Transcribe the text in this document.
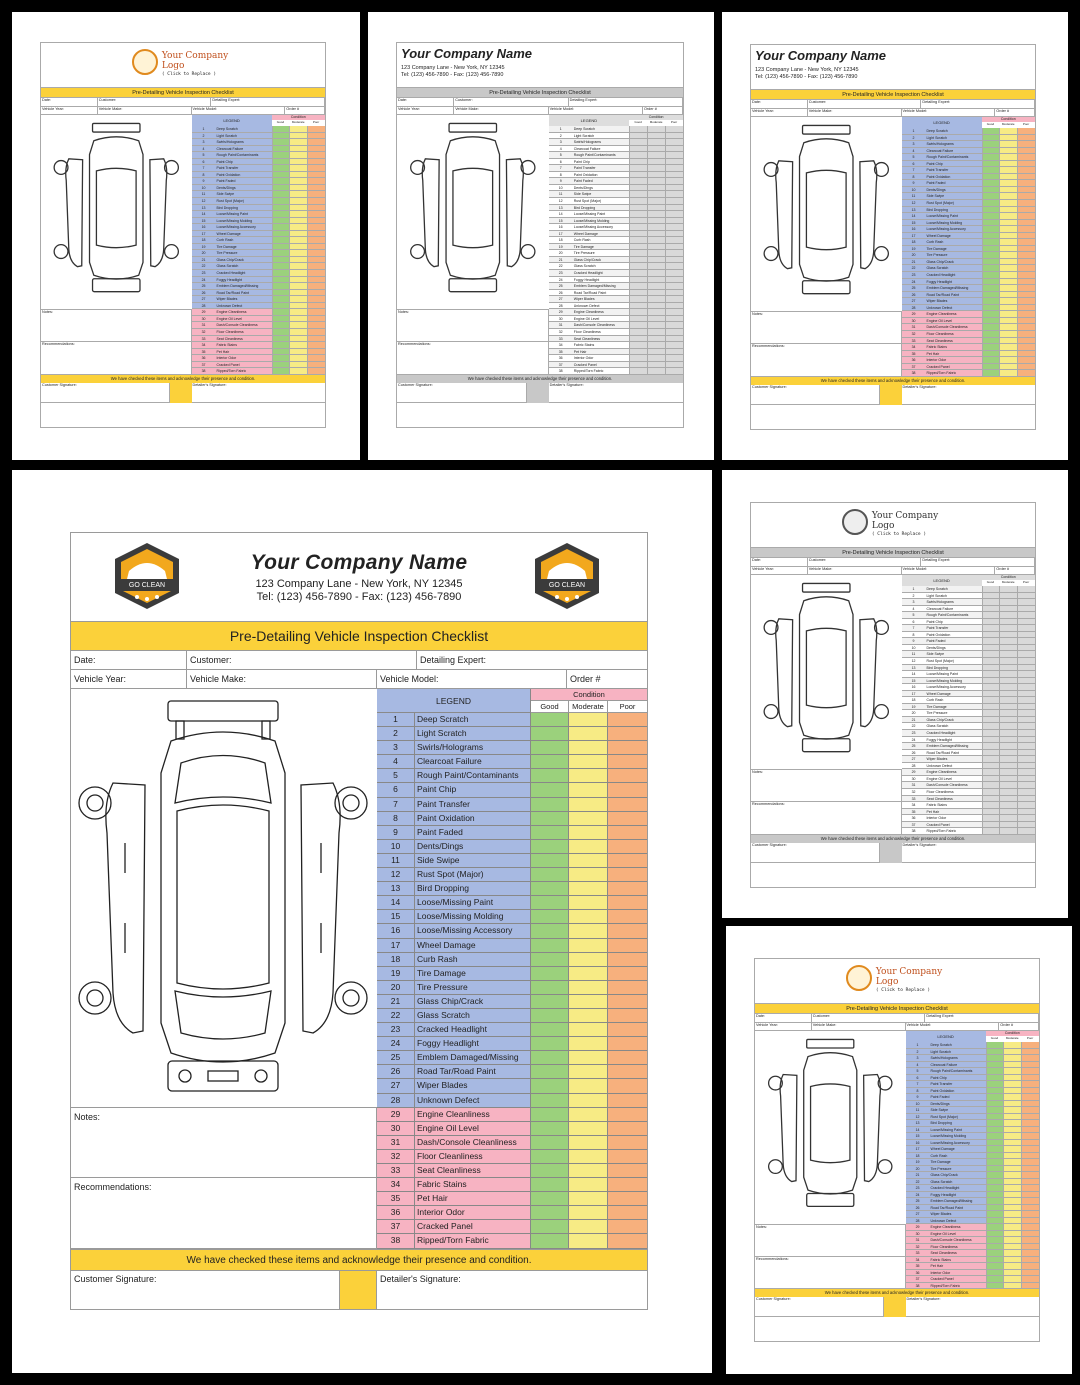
GO CLEAN	GO CLEAN
Your Company Name
123 Company Lane - New York, NY 12345
Tel: (123) 456-7890 - Fax: (123) 456-7890
Pre-Detailing Vehicle Inspection Checklist
Date:	Customer:	Detailing Expert:
Vehicle Year:	Vehicle Make:	Vehicle Model:	Order #
LEGEND
Condition
Good	Moderate	Poor
1	Deep Scratch
2	Light Scratch
3	Swirls/Holograms
4	Clearcoat Failure
5	Rough Paint/Contaminants
6	Paint Chip
7	Paint Transfer
8	Paint Oxidation
9	Paint Faded
10	Dents/Dings
11	Side Swipe
12	Rust Spot (Major)
13	Bird Dropping
14	Loose/Missing Paint
15	Loose/Missing Molding
16	Loose/Missing Accessory
17	Wheel Damage
18	Curb Rash
19	Tire Damage
20	Tire Pressure
21	Glass Chip/Crack
22	Glass Scratch
23	Cracked Headlight
24	Foggy Headlight
25	Emblem Damaged/Missing
26	Road Tar/Road Paint
27	Wiper Blades
28	Unknown Defect
29	Engine Cleanliness
30	Engine Oil Level
31	Dash/Console Cleanliness
32	Floor Cleanliness
33	Seat Cleanliness
34	Fabric Stains
35	Pet Hair
36	Interior Odor
37	Cracked Panel
38	Ripped/Torn Fabric
Notes:
Recommendations:
We have checked these items and acknowledge their presence and condition.
Customer Signature:	Detailer's Signature:
Your Company
Logo
( Click to Replace )
Pre-Detailing Vehicle Inspection Checklist
Date:	Customer:	Detailing Expert:
Vehicle Year:	Vehicle Make:	Vehicle Model:	Order #
LEGEND
Condition
Good	Moderate	Poor
1	Deep Scratch
2	Light Scratch
3	Swirls/Holograms
4	Clearcoat Failure
5	Rough Paint/Contaminants
6	Paint Chip
7	Paint Transfer
8	Paint Oxidation
9	Paint Faded
10	Dents/Dings
11	Side Swipe
12	Rust Spot (Major)
13	Bird Dropping
14	Loose/Missing Paint
15	Loose/Missing Molding
16	Loose/Missing Accessory
17	Wheel Damage
18	Curb Rash
19	Tire Damage
20	Tire Pressure
21	Glass Chip/Crack
22	Glass Scratch
23	Cracked Headlight
24	Foggy Headlight
25	Emblem Damaged/Missing
26	Road Tar/Road Paint
27	Wiper Blades
28	Unknown Defect
29	Engine Cleanliness
30	Engine Oil Level
31	Dash/Console Cleanliness
32	Floor Cleanliness
33	Seat Cleanliness
34	Fabric Stains
35	Pet Hair
36	Interior Odor
37	Cracked Panel
38	Ripped/Torn Fabric
Notes:
Recommendations:
We have checked these items and acknowledge their presence and condition.
Customer Signature:	Detailer's Signature:
Your Company Name
123 Company Lane - New York, NY 12345
Tel: (123) 456-7890 - Fax: (123) 456-7890
Pre-Detailing Vehicle Inspection Checklist
Date:	Customer:	Detailing Expert:
Vehicle Year:	Vehicle Make:	Vehicle Model:	Order #
LEGEND
Condition
Good	Moderate	Poor
1	Deep Scratch
2	Light Scratch
3	Swirls/Holograms
4	Clearcoat Failure
5	Rough Paint/Contaminants
6	Paint Chip
7	Paint Transfer
8	Paint Oxidation
9	Paint Faded
10	Dents/Dings
11	Side Swipe
12	Rust Spot (Major)
13	Bird Dropping
14	Loose/Missing Paint
15	Loose/Missing Molding
16	Loose/Missing Accessory
17	Wheel Damage
18	Curb Rash
19	Tire Damage
20	Tire Pressure
21	Glass Chip/Crack
22	Glass Scratch
23	Cracked Headlight
24	Foggy Headlight
25	Emblem Damaged/Missing
26	Road Tar/Road Paint
27	Wiper Blades
28	Unknown Defect
29	Engine Cleanliness
30	Engine Oil Level
31	Dash/Console Cleanliness
32	Floor Cleanliness
33	Seat Cleanliness
34	Fabric Stains
35	Pet Hair
36	Interior Odor
37	Cracked Panel
38	Ripped/Torn Fabric
Notes:
Recommendations:
We have checked these items and acknowledge their presence and condition.
Customer Signature:	Detailer's Signature:
Your Company Name
123 Company Lane - New York, NY 12345
Tel: (123) 456-7890 - Fax: (123) 456-7890
Pre-Detailing Vehicle Inspection Checklist
Date:	Customer:	Detailing Expert:
Vehicle Year:	Vehicle Make:	Vehicle Model:	Order #
LEGEND
Condition
Good	Moderate	Poor
1	Deep Scratch
2	Light Scratch
3	Swirls/Holograms
4	Clearcoat Failure
5	Rough Paint/Contaminants
6	Paint Chip
7	Paint Transfer
8	Paint Oxidation
9	Paint Faded
10	Dents/Dings
11	Side Swipe
12	Rust Spot (Major)
13	Bird Dropping
14	Loose/Missing Paint
15	Loose/Missing Molding
16	Loose/Missing Accessory
17	Wheel Damage
18	Curb Rash
19	Tire Damage
20	Tire Pressure
21	Glass Chip/Crack
22	Glass Scratch
23	Cracked Headlight
24	Foggy Headlight
25	Emblem Damaged/Missing
26	Road Tar/Road Paint
27	Wiper Blades
28	Unknown Defect
29	Engine Cleanliness
30	Engine Oil Level
31	Dash/Console Cleanliness
32	Floor Cleanliness
33	Seat Cleanliness
34	Fabric Stains
35	Pet Hair
36	Interior Odor
37	Cracked Panel
38	Ripped/Torn Fabric
Notes:
Recommendations:
We have checked these items and acknowledge their presence and condition.
Customer Signature:	Detailer's Signature:
Your Company
Logo
( Click to Replace )
Pre-Detailing Vehicle Inspection Checklist
Date:	Customer:	Detailing Expert:
Vehicle Year:	Vehicle Make:	Vehicle Model:	Order #
LEGEND
Condition
Good	Moderate	Poor
1	Deep Scratch
2	Light Scratch
3	Swirls/Holograms
4	Clearcoat Failure
5	Rough Paint/Contaminants
6	Paint Chip
7	Paint Transfer
8	Paint Oxidation
9	Paint Faded
10	Dents/Dings
11	Side Swipe
12	Rust Spot (Major)
13	Bird Dropping
14	Loose/Missing Paint
15	Loose/Missing Molding
16	Loose/Missing Accessory
17	Wheel Damage
18	Curb Rash
19	Tire Damage
20	Tire Pressure
21	Glass Chip/Crack
22	Glass Scratch
23	Cracked Headlight
24	Foggy Headlight
25	Emblem Damaged/Missing
26	Road Tar/Road Paint
27	Wiper Blades
28	Unknown Defect
29	Engine Cleanliness
30	Engine Oil Level
31	Dash/Console Cleanliness
32	Floor Cleanliness
33	Seat Cleanliness
34	Fabric Stains
35	Pet Hair
36	Interior Odor
37	Cracked Panel
38	Ripped/Torn Fabric
Notes:
Recommendations:
We have checked these items and acknowledge their presence and condition.
Customer Signature:	Detailer's Signature:
Your Company
Logo
( Click to Replace )
Pre-Detailing Vehicle Inspection Checklist
Date:	Customer:	Detailing Expert:
Vehicle Year:	Vehicle Make:	Vehicle Model:	Order #
LEGEND
Condition
Good	Moderate	Poor
1	Deep Scratch
2	Light Scratch
3	Swirls/Holograms
4	Clearcoat Failure
5	Rough Paint/Contaminants
6	Paint Chip
7	Paint Transfer
8	Paint Oxidation
9	Paint Faded
10	Dents/Dings
11	Side Swipe
12	Rust Spot (Major)
13	Bird Dropping
14	Loose/Missing Paint
15	Loose/Missing Molding
16	Loose/Missing Accessory
17	Wheel Damage
18	Curb Rash
19	Tire Damage
20	Tire Pressure
21	Glass Chip/Crack
22	Glass Scratch
23	Cracked Headlight
24	Foggy Headlight
25	Emblem Damaged/Missing
26	Road Tar/Road Paint
27	Wiper Blades
28	Unknown Defect
29	Engine Cleanliness
30	Engine Oil Level
31	Dash/Console Cleanliness
32	Floor Cleanliness
33	Seat Cleanliness
34	Fabric Stains
35	Pet Hair
36	Interior Odor
37	Cracked Panel
38	Ripped/Torn Fabric
Notes:
Recommendations:
We have checked these items and acknowledge their presence and condition.
Customer Signature:	Detailer's Signature:
